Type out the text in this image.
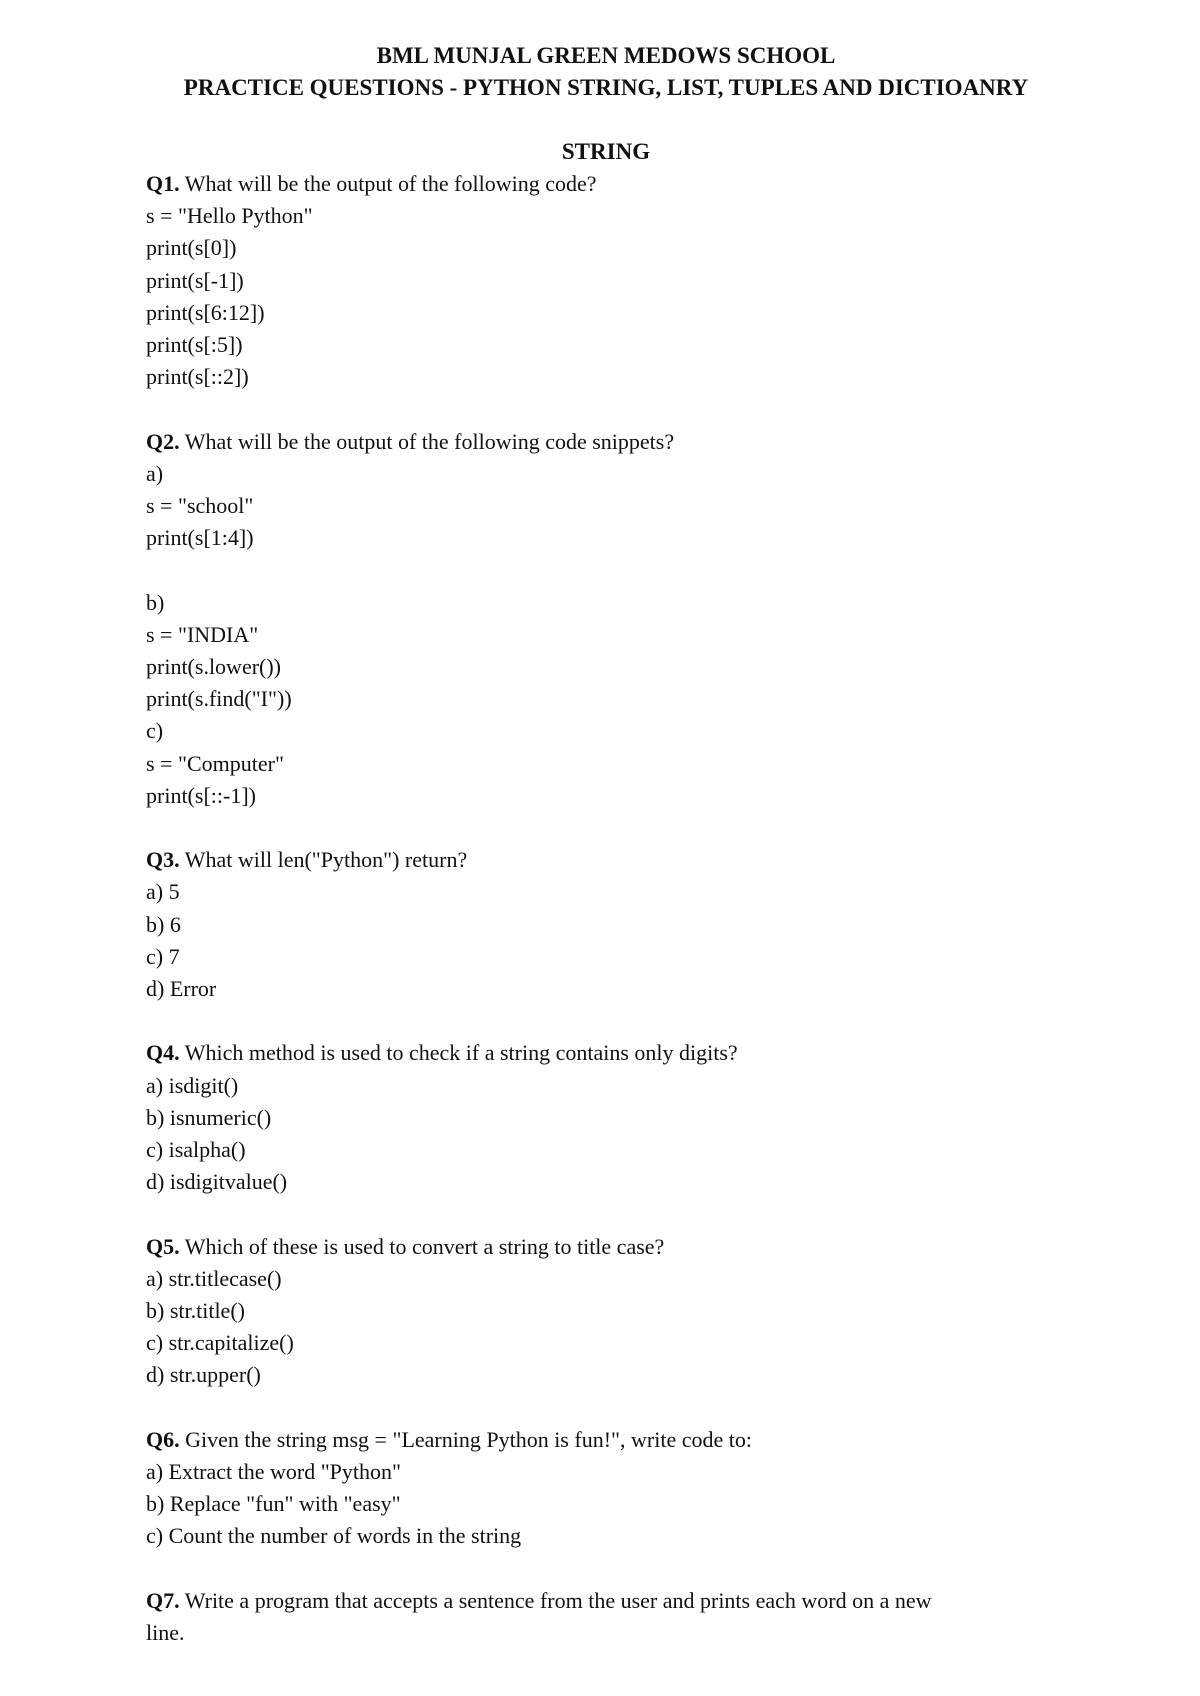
BML MUNJAL GREEN MEDOWS SCHOOL
PRACTICE QUESTIONS - PYTHON STRING, LIST, TUPLES AND DICTIOANRY
STRING
Q1. What will be the output of the following code?
s = "Hello Python"
print(s[0])
print(s[-1])
print(s[6:12])
print(s[:5])
print(s[::2])
Q2. What will be the output of the following code snippets?
a)
s = "school"
print(s[1:4])
b)
s = "INDIA"
print(s.lower())
print(s.find("I"))
c)
s = "Computer"
print(s[::-1])
Q3. What will len("Python") return?
a) 5
b) 6
c) 7
d) Error
Q4. Which method is used to check if a string contains only digits?
a) isdigit()
b) isnumeric()
c) isalpha()
d) isdigitvalue()
Q5. Which of these is used to convert a string to title case?
a) str.titlecase()
b) str.title()
c) str.capitalize()
d) str.upper()
Q6. Given the string msg = "Learning Python is fun!", write code to:
a) Extract the word "Python"
b) Replace "fun" with "easy"
c) Count the number of words in the string
Q7. Write a program that accepts a sentence from the user and prints each word on a new
line.
